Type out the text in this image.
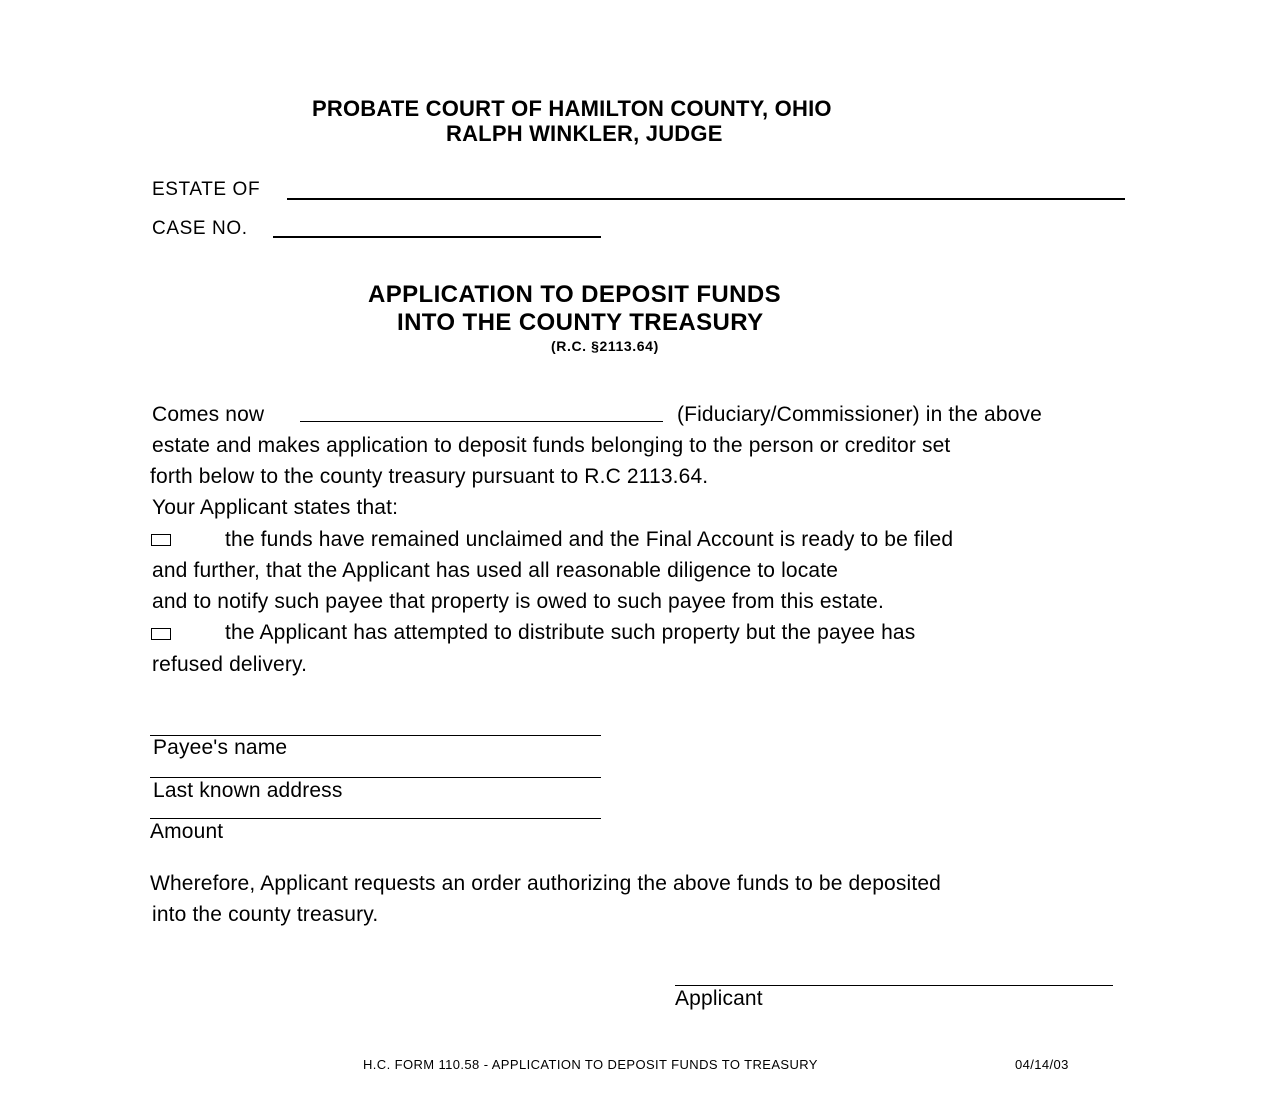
PROBATE COURT OF HAMILTON COUNTY, OHIO
RALPH WINKLER, JUDGE
ESTATE OF
CASE NO.
APPLICATION TO DEPOSIT FUNDS
INTO THE COUNTY TREASURY
(R.C. §2113.64)
Comes now	(Fiduciary/Commissioner) in the above
estate and makes application to deposit funds belonging to the person or creditor set
forth below to the county treasury pursuant to R.C 2113.64.
Your Applicant states that:
the funds have remained unclaimed and the Final Account is ready to be filed
and further, that the Applicant has used all reasonable diligence to locate
and to notify such payee that property is owed to such payee from this estate.
the Applicant has attempted to distribute such property but the payee has
refused delivery.
Payee's name
Last known address
Amount
Wherefore, Applicant requests an order authorizing the above funds to be deposited
into the county treasury.
Applicant
H.C. FORM 110.58 - APPLICATION TO DEPOSIT FUNDS TO TREASURY	04/14/03
